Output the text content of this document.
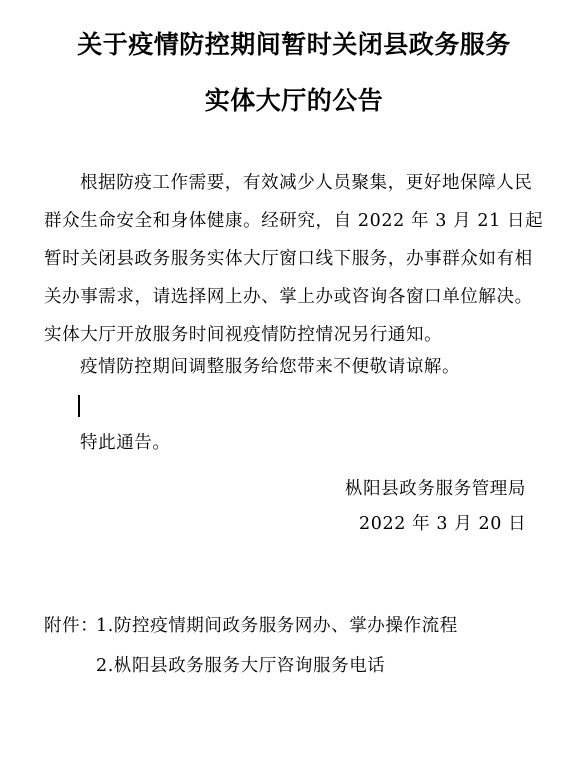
关于疫情防控期间暂时关闭县政务服务
实体大厅的公告

根据防疫工作需要，有效减少人员聚集，更好地保障人民群众生命安全和身体健康。经研究，自 2022 年 3 月 21 日起暂时关闭县政务服务实体大厅窗口线下服务，办事群众如有相关办事需求，请选择网上办、掌上办或咨询各窗口单位解决。实体大厅开放服务时间视疫情防控情况另行通知。

疫情防控期间调整服务给您带来不便敬请谅解。

特此通告。

枞阳县政务服务管理局
2022 年 3 月 20 日
附件：
1.防控疫情期间政务服务网办、掌办操作流程
2.枞阳县政务服务大厅咨询服务电话
